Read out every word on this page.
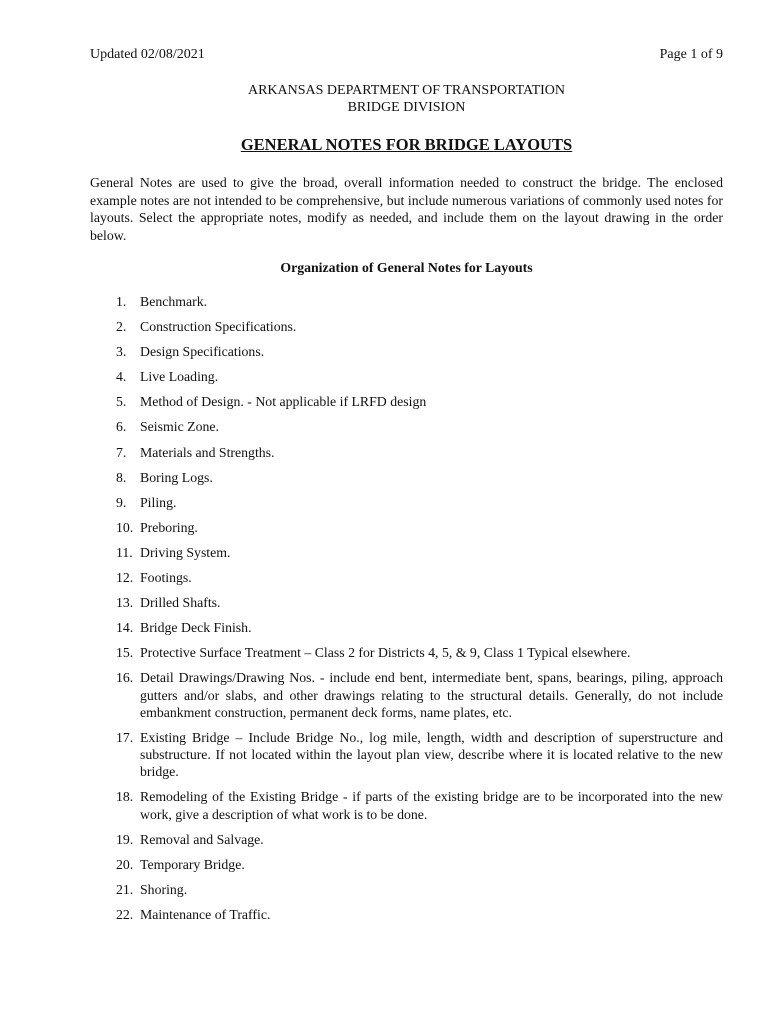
Updated 02/08/2021	Page 1 of 9
ARKANSAS DEPARTMENT OF TRANSPORTATION
BRIDGE DIVISION
GENERAL NOTES FOR BRIDGE LAYOUTS
General Notes are used to give the broad, overall information needed to construct the bridge. The enclosed example notes are not intended to be comprehensive, but include numerous variations of commonly used notes for layouts. Select the appropriate notes, modify as needed, and include them on the layout drawing in the order below.
Organization of General Notes for Layouts
1. Benchmark.
2. Construction Specifications.
3. Design Specifications.
4. Live Loading.
5. Method of Design. - Not applicable if LRFD design
6. Seismic Zone.
7. Materials and Strengths.
8. Boring Logs.
9. Piling.
10. Preboring.
11. Driving System.
12. Footings.
13. Drilled Shafts.
14. Bridge Deck Finish.
15. Protective Surface Treatment – Class 2 for Districts 4, 5, & 9, Class 1 Typical elsewhere.
16. Detail Drawings/Drawing Nos. - include end bent, intermediate bent, spans, bearings, piling, approach gutters and/or slabs, and other drawings relating to the structural details. Generally, do not include embankment construction, permanent deck forms, name plates, etc.
17. Existing Bridge – Include Bridge No., log mile, length, width and description of superstructure and substructure. If not located within the layout plan view, describe where it is located relative to the new bridge.
18. Remodeling of the Existing Bridge - if parts of the existing bridge are to be incorporated into the new work, give a description of what work is to be done.
19. Removal and Salvage.
20. Temporary Bridge.
21. Shoring.
22. Maintenance of Traffic.
